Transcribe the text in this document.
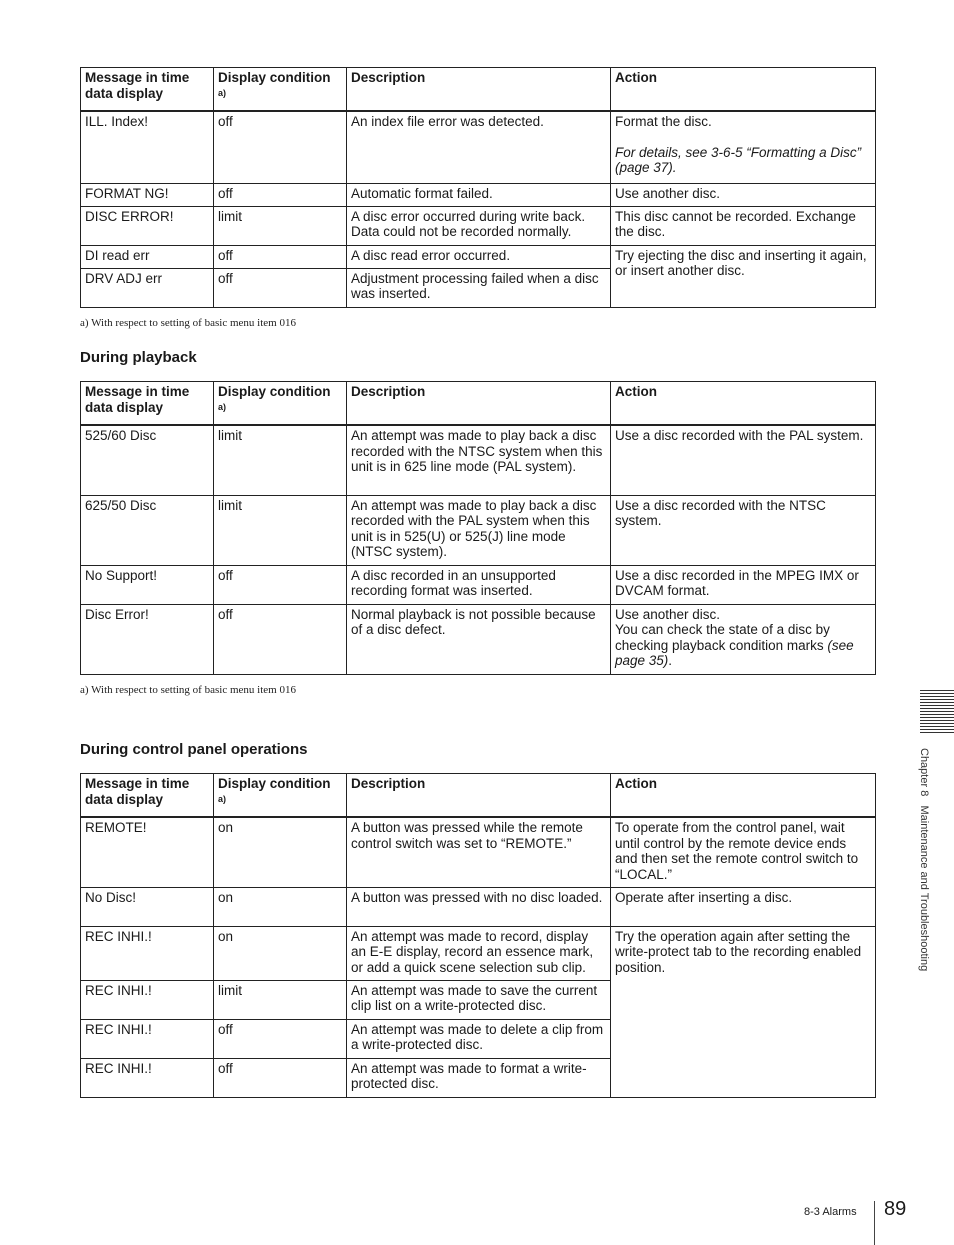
Message in time data display	Display condition $^{a)}$	Description	Action
ILL. Index!	off	An index file error was detected.	Format the disc.
For details, see 3-6-5 “Formatting a Disc” (page 37).

FORMAT NG!	off	Automatic format failed.	Use another disc.
DISC ERROR!	limit	A disc error occurred during write back. Data could not be recorded normally.	This disc cannot be recorded. Exchange the disc.
DI read err	off	A disc read error occurred.	Try ejecting the disc and inserting it again, or insert another disc.
DRV ADJ err	off	Adjustment processing failed when a disc was inserted.	
a) With respect to setting of basic menu item 016
During playback
Message in time data display	Display condition $^{a)}$	Description	Action
525/60 Disc	limit	An attempt was made to play back a disc recorded with the NTSC system when this unit is in 625 line mode (PAL system).	Use a disc recorded with the PAL system.
625/50 Disc	limit	An attempt was made to play back a disc recorded with the PAL system when this unit is in 525(U) or 525(J) line mode (NTSC system).	Use a disc recorded with the NTSC system.
No Support!	off	A disc recorded in an unsupported recording format was inserted.	Use a disc recorded in the MPEG IMX or DVCAM format.
Disc Error!	off	Normal playback is not possible because of a disc defect.	Use another disc.
You can check the state of a disc by checking playback condition marks (see page 35).
a) With respect to setting of basic menu item 016
During control panel operations
Message in time data display	Display condition $^{a)}$	Description	Action
REMOTE!	on	A button was pressed while the remote control switch was set to “REMOTE.”	To operate from the control panel, wait until control by the remote device ends and then set the remote control switch to “LOCAL.”
No Disc!	on	A button was pressed with no disc loaded.	Operate after inserting a disc.
REC INHI.!	on	An attempt was made to record, display an E-E display, record an essence mark, or add a quick scene selection sub clip.	Try the operation again after setting the write-protect tab to the recording enabled position.
REC INHI.!	limit	An attempt was made to save the current clip list on a write-protected disc.	
REC INHI.!	off	An attempt was made to delete a clip from a write-protected disc.	
REC INHI.!	off	An attempt was made to format a write-protected disc.	
Chapter 8   Maintenance and Troubleshooting
8-3 Alarms 89
